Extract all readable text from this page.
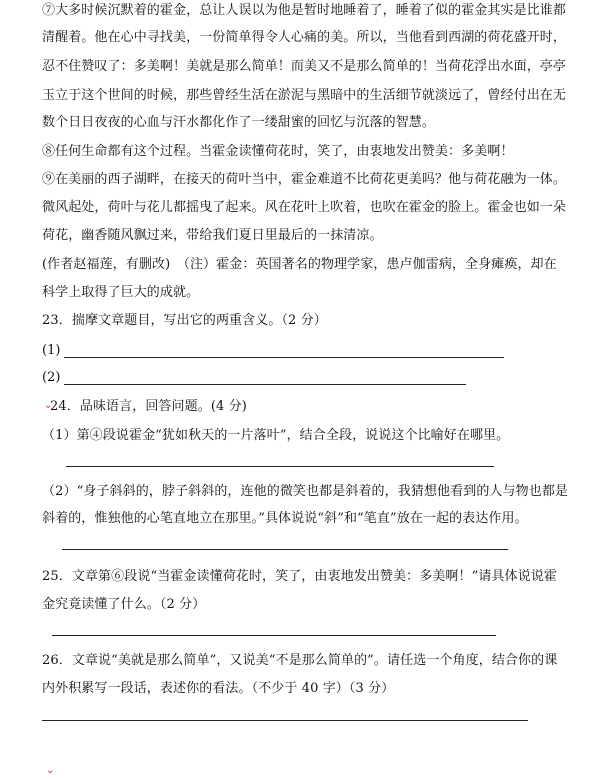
⑦大多时候沉默着的霍金，总让人误以为他是暂时地睡着了，睡着了似的霍金其实是比谁都
清醒着。他在心中寻找美，一份简单得令人心痛的美。所以，当他看到西湖的荷花盛开时，
忍不住赞叹了：多美啊！美就是那么简单！而美又不是那么简单的！当荷花浮出水面，亭亭
玉立于这个世间的时候，那些曾经生活在淤泥与黑暗中的生活细节就淡远了，曾经付出在无
数个日日夜夜的心血与汗水都化作了一缕甜蜜的回忆与沉落的智慧。
⑧任何生命都有这个过程。当霍金读懂荷花时，笑了，由衷地发出赞美：多美啊！
⑨在美丽的西子湖畔，在接天的荷叶当中，霍金难道不比荷花更美吗？他与荷花融为一体。
微风起处，荷叶与花儿都摇曳了起来。风在花叶上吹着，也吹在霍金的脸上。霍金也如一朵
荷花，幽香随风飘过来，带给我们夏日里最后的一抹清凉。
(作者赵福莲，有删改)　（注）霍金：英国著名的物理学家，患卢伽雷病，全身瘫痪，却在
科学上取得了巨大的成就。
23．揣摩文章题目，写出它的两重含义。（2 分）
(1)
(2)
⌄
24．品味语言，回答问题。(4 分)
（1）第④段说霍金“犹如秋天的一片落叶”，结合全段，说说这个比喻好在哪里。
（2）“身子斜斜的，脖子斜斜的，连他的微笑也都是斜着的，我猜想他看到的人与物也都是
斜着的，惟独他的心笔直地立在那里。”具体说说“斜”和“笔直”放在一起的表达作用。
25．文章第⑥段说“当霍金读懂荷花时，笑了，由衷地发出赞美：多美啊！”请具体说说霍
金究竟读懂了什么。（2 分）
26．文章说“美就是那么简单”，又说美“不是那么简单的”。请任选一个角度，结合你的课
内外积累写一段话，表述你的看法。（不少于 40 字）（3 分）
⌄
